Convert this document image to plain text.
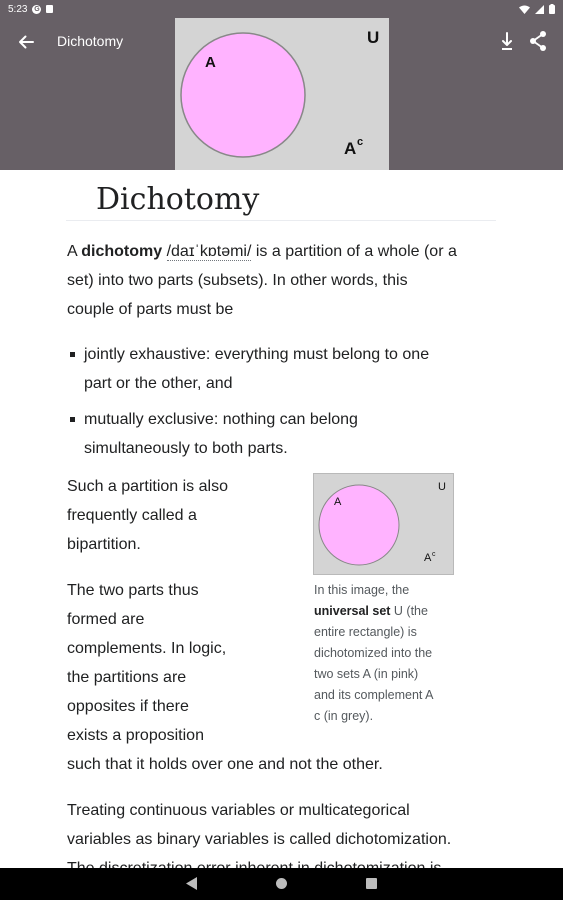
5:23 G
Dichotomy
A
U
A c
Dichotomy
A dichotomy /daɪˈkɒtəmi/ is a partition of a whole (or a
set) into two parts (subsets). In other words, this
couple of parts must be
jointly exhaustive: everything must belong to one
part or the other, and
mutually exclusive: nothing can belong
simultaneously to both parts.
Such a partition is also
frequently called a
bipartition.
A
U
A c
In this image, the
universal set U (the
entire rectangle) is
dichotomized into the
two sets A (in pink)
and its complement A
c (in grey).
The two parts thus
formed are
complements. In logic,
the partitions are
opposites if there
exists a proposition
such that it holds over one and not the other.
Treating continuous variables or multicategorical
variables as binary variables is called dichotomization.
